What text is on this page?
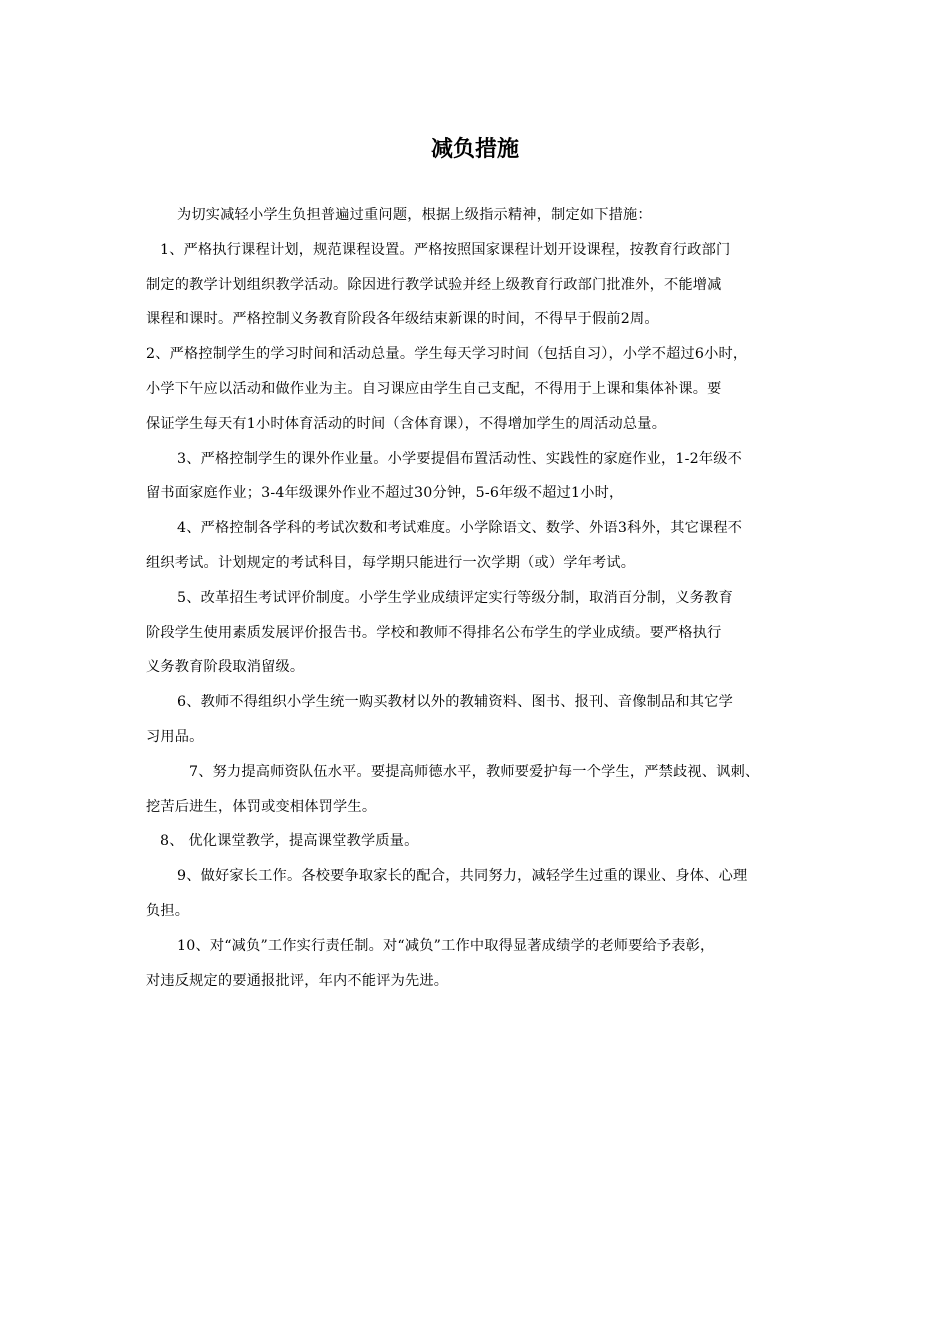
减负措施

为切实减轻小学生负担普遍过重问题，根据上级指示精神，制定如下措施：

1、严格执行课程计划，规范课程设置。严格按照国家课程计划开设课程，按教育行政部门

制定的教学计划组织教学活动。除因进行教学试验并经上级教育行政部门批准外，不能增减

课程和课时。严格控制义务教育阶段各年级结束新课的时间，不得早于假前2周。

2、严格控制学生的学习时间和活动总量。学生每天学习时间（包括自习），小学不超过6小时，

小学下午应以活动和做作业为主。自习课应由学生自己支配，不得用于上课和集体补课。要

保证学生每天有1小时体育活动的时间（含体育课），不得增加学生的周活动总量。

3、严格控制学生的课外作业量。小学要提倡布置活动性、实践性的家庭作业，1-2年级不

留书面家庭作业；3-4年级课外作业不超过30分钟，5-6年级不超过1小时，

4、严格控制各学科的考试次数和考试难度。小学除语文、数学、外语3科外，其它课程不

组织考试。计划规定的考试科目，每学期只能进行一次学期（或）学年考试。

5、改革招生考试评价制度。小学生学业成绩评定实行等级分制，取消百分制，义务教育

阶段学生使用素质发展评价报告书。学校和教师不得排名公布学生的学业成绩。要严格执行

义务教育阶段取消留级。

6、教师不得组织小学生统一购买教材以外的教辅资料、图书、报刊、音像制品和其它学

习用品。

7、努力提高师资队伍水平。要提高师德水平，教师要爱护每一个学生，严禁歧视、讽刺、

挖苦后进生，体罚或变相体罚学生。

8、 优化课堂教学，提高课堂教学质量。

9、做好家长工作。各校要争取家长的配合，共同努力，减轻学生过重的课业、身体、心理

负担。

10、对“减负”工作实行责任制。对“减负”工作中取得显著成绩学的老师要给予表彰，

对违反规定的要通报批评，年内不能评为先进。
